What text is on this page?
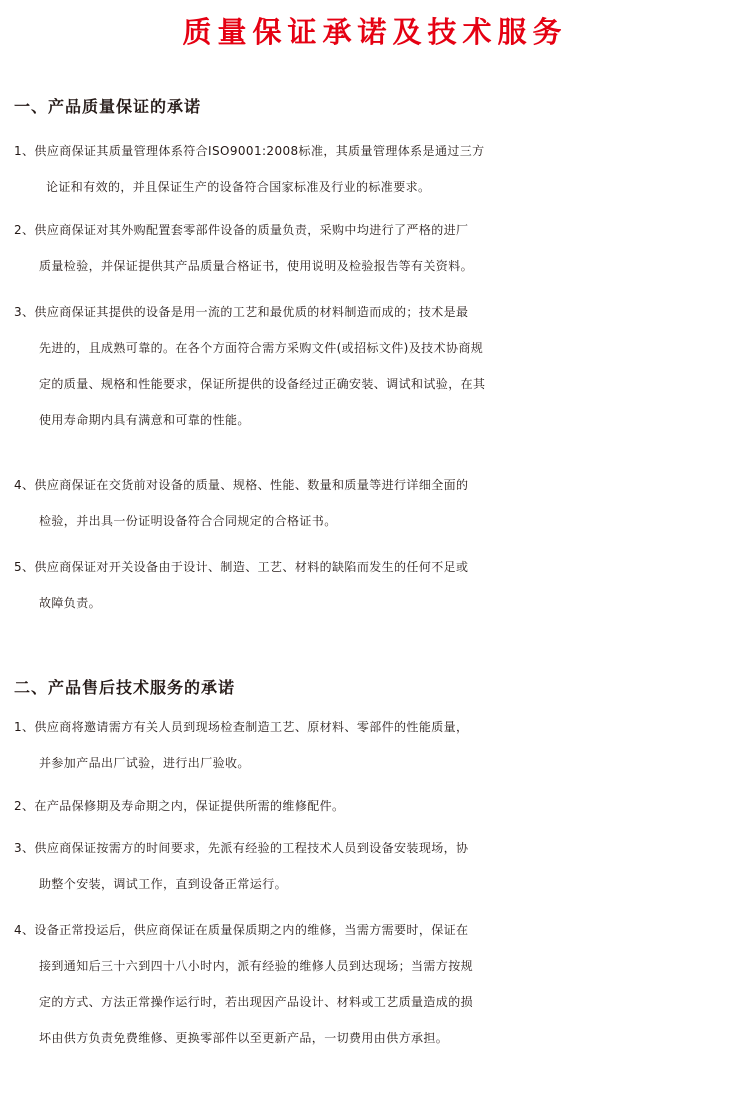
质量保证承诺及技术服务
一、产品质量保证的承诺
1、供应商保证其质量管理体系符合ISO9001:2008标准，其质量管理体系是通过三方
论证和有效的，并且保证生产的设备符合国家标准及行业的标准要求。
2、供应商保证对其外购配置套零部件设备的质量负责，采购中均进行了严格的进厂
质量检验，并保证提供其产品质量合格证书，使用说明及检验报告等有关资料。
3、供应商保证其提供的设备是用一流的工艺和最优质的材料制造而成的；技术是最
先进的，且成熟可靠的。在各个方面符合需方采购文件(或招标文件)及技术协商规
定的质量、规格和性能要求，保证所提供的设备经过正确安装、调试和试验，在其
使用寿命期内具有满意和可靠的性能。
4、供应商保证在交货前对设备的质量、规格、性能、数量和质量等进行详细全面的
检验，并出具一份证明设备符合合同规定的合格证书。
5、供应商保证对开关设备由于设计、制造、工艺、材料的缺陷而发生的任何不足或
故障负责。
二、产品售后技术服务的承诺
1、供应商将邀请需方有关人员到现场检查制造工艺、原材料、零部件的性能质量，
并参加产品出厂试验，进行出厂验收。
2、在产品保修期及寿命期之内，保证提供所需的维修配件。
3、供应商保证按需方的时间要求，先派有经验的工程技术人员到设备安装现场，协
助整个安装，调试工作，直到设备正常运行。
4、设备正常投运后，供应商保证在质量保质期之内的维修，当需方需要时，保证在
接到通知后三十六到四十八小时内，派有经验的维修人员到达现场；当需方按规
定的方式、方法正常操作运行时，若出现因产品设计、材料或工艺质量造成的损
坏由供方负责免费维修、更换零部件以至更新产品，一切费用由供方承担。
